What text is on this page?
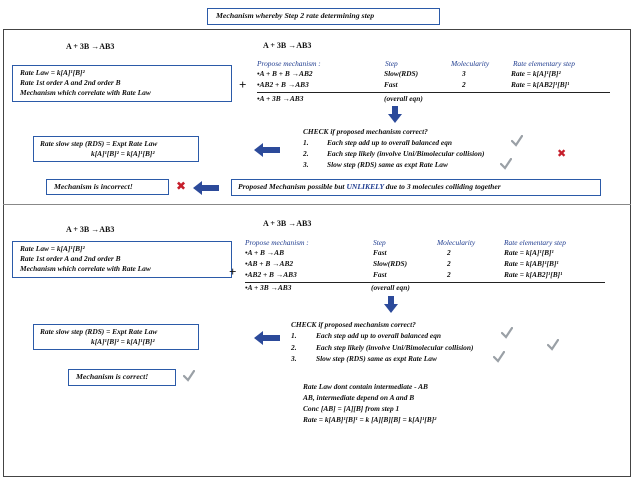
Mechanism whereby Step 2 rate determining step
A + 3B →AB3	A + 3B →AB3
Rate Law = k[A]¹[B]²
Rate 1st order A and 2nd order B
Mechanism which correlate with Rate Law
+
Propose mechanism :	Step	Molecularity	Rate elementary step
•A + B + B →AB2	Slow(RDS)	3	Rate = k[A]¹[B]²
•AB2 + B →AB3	Fast	2	Rate = k[AB2]¹[B]¹
•A + 3B →AB3	(overall eqn)
Rate slow step (RDS) = Expt Rate Law
k[A]¹[B]² = k[A]¹[B]²
CHECK if proposed mechanism correct?
1. Each step add up to overall balanced eqn
2. Each step likely (involve Uni/Bimolecular collision)
3. Slow step (RDS) same as expt Rate Law
✖
Mechanism is incorrect!	✖	Proposed Mechanism possible but UNLIKELY due to 3 molecules colliding together
A + 3B →AB3
A + 3B →AB3
Rate Law = k[A]¹[B]²
Rate 1st order A and 2nd order B
Mechanism which correlate with Rate Law	+
Propose mechanism :	Step	Molecularity	Rate elementary step
•A + B →AB	Fast	2	Rate = k[A]¹[B]¹
•AB + B →AB2	Slow(RDS)	2	Rate = k[AB]¹[B]¹
•AB2 + B →AB3	Fast	2	Rate = k[AB2]¹[B]¹
•A + 3B →AB3	(overall eqn)
Rate slow step (RDS) = Expt Rate Law
k[A]¹[B]² = k[A]¹[B]²
CHECK if proposed mechanism correct?
1.	Each step add up to overall balanced eqn
2.	Each step likely (involve Uni/Bimolecular collision)
3.	Slow step (RDS) same as expt Rate Law
Mechanism is correct!
Rate Law dont contain intermediate - AB
AB, intermediate depend on A and B
Conc [AB] = [A][B] from step 1
Rate = k[AB]¹[B]¹ = k [A][B][B] = k[A]¹[B]²
